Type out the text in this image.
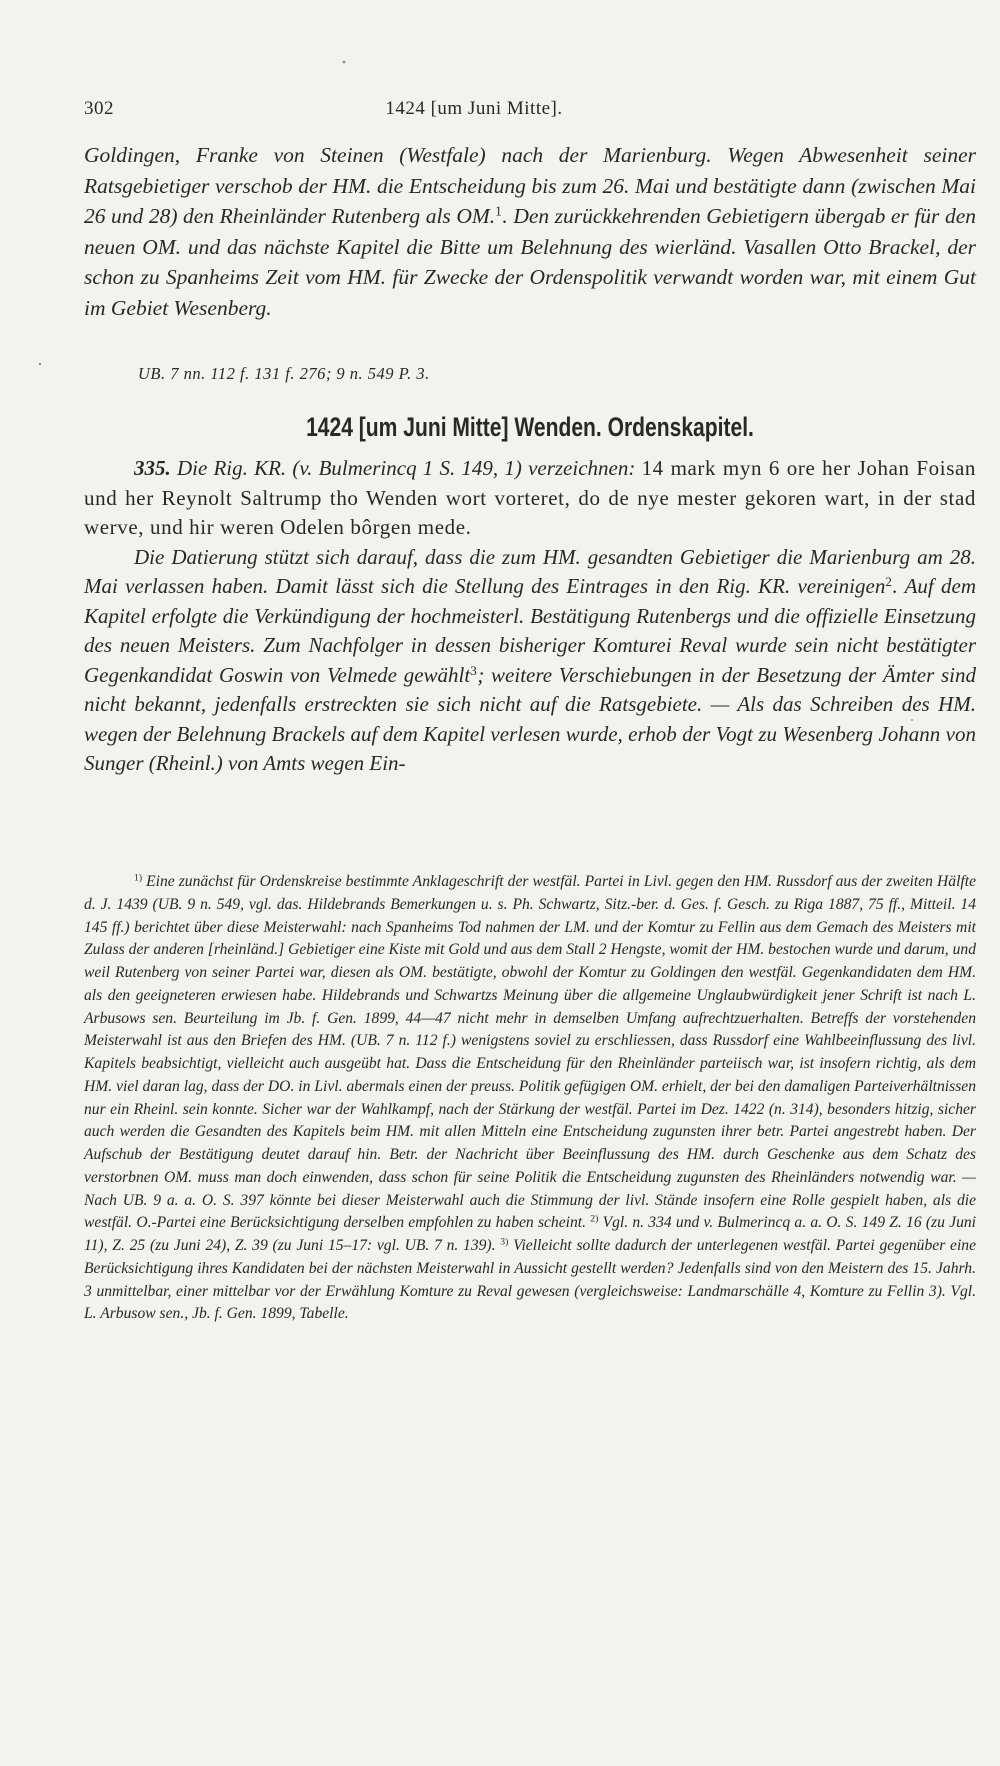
302	1424 [um Juni Mitte].
Goldingen, Franke von Steinen (Westfale) nach der Marienburg. Wegen Abwesenheit seiner Ratsgebietiger verschob der HM. die Entscheidung bis zum 26. Mai und bestätigte dann (zwischen Mai 26 und 28) den Rheinländer Rutenberg als OM.$^1$. Den zurückkehrenden Gebietigern übergab er für den neuen OM. und das nächste Kapitel die Bitte um Belehnung des wierländ. Vasallen Otto Brackel, der schon zu Spanheims Zeit vom HM. für Zwecke der Ordenspolitik verwandt worden war, mit einem Gut im Gebiet Wesenberg.
UB. 7 nn. 112 f. 131 f. 276; 9 n. 549 P. 3.
1424 [um Juni Mitte] Wenden. Ordenskapitel.

335. Die Rig. KR. (v. Bulmerincq 1 S. 149, 1) verzeichnen: 14 mark myn 6 ore her Johan Foisan und her Reynolt Saltrump tho Wenden wort vorteret, do de nye mester gekoren wart, in der stad werve, und hir weren Odelen bôrgen mede.

Die Datierung stützt sich darauf, dass die zum HM. gesandten Gebietiger die Marienburg am 28. Mai verlassen haben. Damit lässt sich die Stellung des Eintrages in den Rig. KR. vereinigen$^2$. Auf dem Kapitel erfolgte die Verkündigung der hochmeisterl. Bestätigung Rutenbergs und die offizielle Einsetzung des neuen Meisters. Zum Nachfolger in dessen bisheriger Komturei Reval wurde sein nicht bestätigter Gegenkandidat Goswin von Velmede gewählt$^3$; weitere Verschiebungen in der Besetzung der Ämter sind nicht bekannt, jedenfalls erstreckten sie sich nicht auf die Ratsgebiete. — Als das Schreiben des HM. wegen der Belehnung Brackels auf dem Kapitel verlesen wurde, erhob der Vogt zu Wesenberg Johann von Sunger (Rheinl.) von Amts wegen Ein-

$^{1)}$ Eine zunächst für Ordenskreise bestimmte Anklageschrift der westfäl. Partei in Livl. gegen den HM. Russdorf aus der zweiten Hälfte d. J. 1439 (UB. 9 n. 549, vgl. das. Hildebrands Bemerkungen u. s. Ph. Schwartz, Sitz.-ber. d. Ges. f. Gesch. zu Riga 1887, 75 ff., Mitteil. 14 145 ff.) berichtet über diese Meisterwahl: nach Spanheims Tod nahmen der LM. und der Komtur zu Fellin aus dem Gemach des Meisters mit Zulass der anderen [rheinländ.] Gebietiger eine Kiste mit Gold und aus dem Stall 2 Hengste, womit der HM. bestochen wurde und darum, und weil Rutenberg von seiner Partei war, diesen als OM. bestätigte, obwohl der Komtur zu Goldingen den westfäl. Gegenkandidaten dem HM. als den geeigneteren erwiesen habe. Hildebrands und Schwartzs Meinung über die allgemeine Unglaubwürdigkeit jener Schrift ist nach L. Arbusows sen. Beurteilung im Jb. f. Gen. 1899, 44—47 nicht mehr in demselben Umfang aufrechtzuerhalten. Betreffs der vorstehenden Meisterwahl ist aus den Briefen des HM. (UB. 7 n. 112 f.) wenigstens soviel zu erschliessen, dass Russdorf eine Wahlbeeinflussung des livl. Kapitels beabsichtigt, vielleicht auch ausgeübt hat. Dass die Entscheidung für den Rheinländer parteiisch war, ist insofern richtig, als dem HM. viel daran lag, dass der DO. in Livl. abermals einen der preuss. Politik gefügigen OM. erhielt, der bei den damaligen Parteiverhältnissen nur ein Rheinl. sein konnte. Sicher war der Wahlkampf, nach der Stärkung der westfäl. Partei im Dez. 1422 (n. 314), besonders hitzig, sicher auch werden die Gesandten des Kapitels beim HM. mit allen Mitteln eine Entscheidung zugunsten ihrer betr. Partei angestrebt haben. Der Aufschub der Bestätigung deutet darauf hin. Betr. der Nachricht über Beeinflussung des HM. durch Geschenke aus dem Schatz des verstorbnen OM. muss man doch einwenden, dass schon für seine Politik die Entscheidung zugunsten des Rheinländers notwendig war. — Nach UB. 9 a. a. O. S. 397 könnte bei dieser Meisterwahl auch die Stimmung der livl. Stände insofern eine Rolle gespielt haben, als die westfäl. O.-Partei eine Berücksichtigung derselben empfohlen zu haben scheint. $^{2)}$ Vgl. n. 334 und v. Bulmerincq a. a. O. S. 149 Z. 16 (zu Juni 11), Z. 25 (zu Juni 24), Z. 39 (zu Juni 15–17: vgl. UB. 7 n. 139). $^{3)}$ Vielleicht sollte dadurch der unterlegenen westfäl. Partei gegenüber eine Berücksichtigung ihres Kandidaten bei der nächsten Meisterwahl in Aussicht gestellt werden? Jedenfalls sind von den Meistern des 15. Jahrh. 3 unmittelbar, einer mittelbar vor der Erwählung Komture zu Reval gewesen (vergleichsweise: Landmarschälle 4, Komture zu Fellin 3). Vgl. L. Arbusow sen., Jb. f. Gen. 1899, Tabelle.
